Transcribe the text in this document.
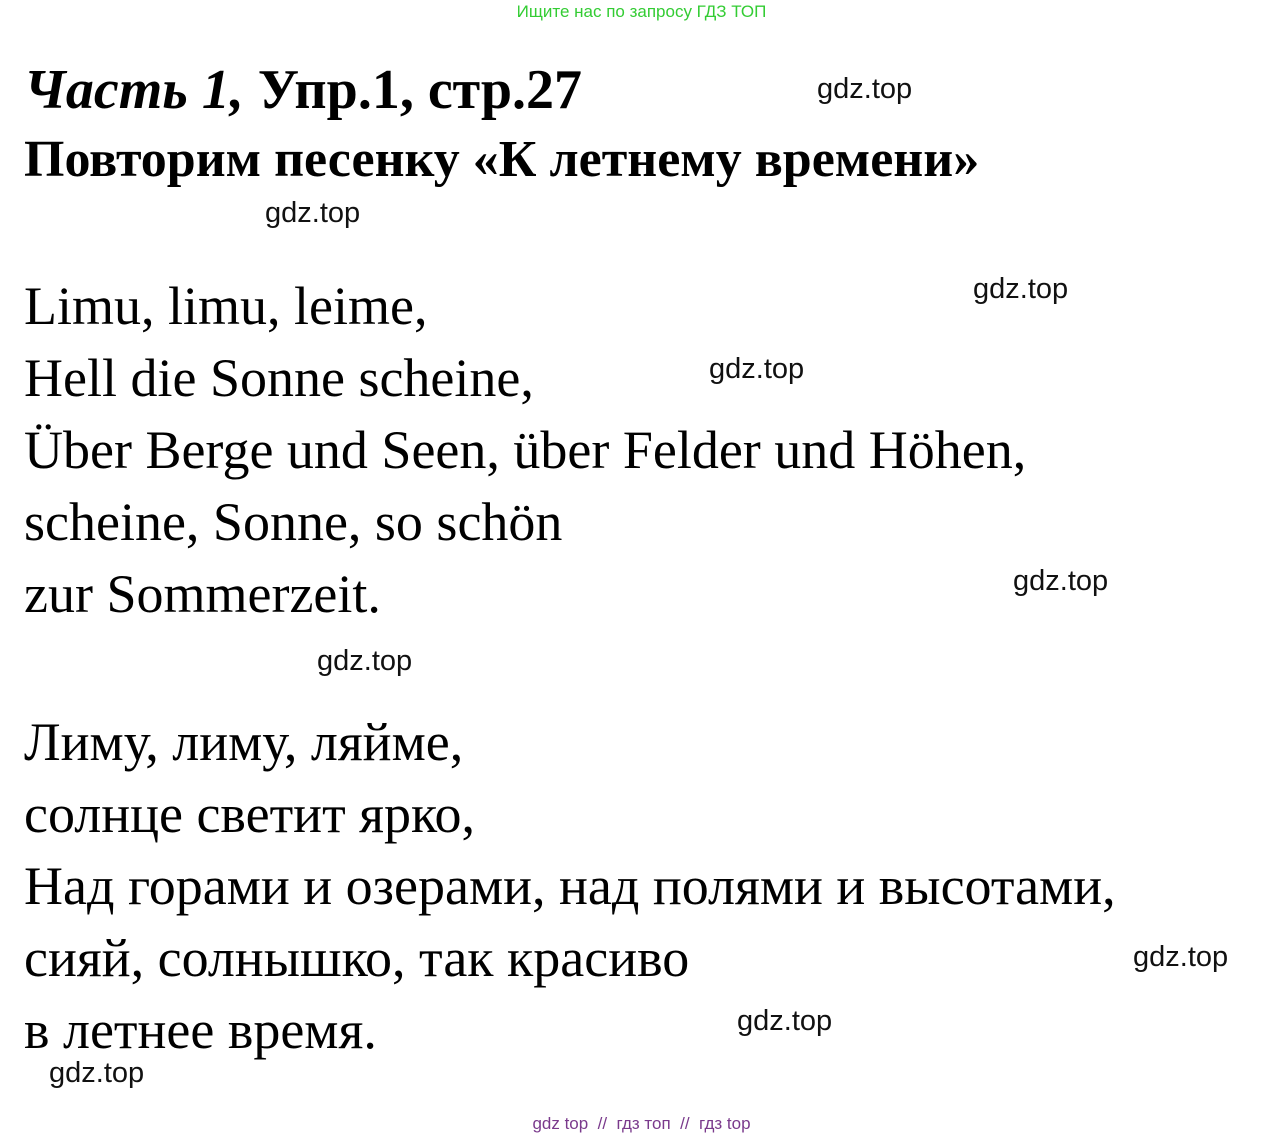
Ищите нас по запросу ГДЗ ТОП
Часть 1, Упр.1, стр.27
Повторим песенку «К летнему времени»
Limu, limu, leime,
Hell die Sonne scheine,
Über Berge und Seen, über Felder und Höhen,
scheine, Sonne, so schön
zur Sommerzeit.
Лиму, лиму, ляйме,
солнце светит ярко,
Над горами и озерами, над полями и высотами,
сияй, солнышко, так красиво
в летнее время.
gdz.top
gdz.top
gdz.top
gdz.top
gdz.top
gdz.top
gdz.top
gdz.top
gdz.top
gdz top  //  гдз топ  //  гдз top
